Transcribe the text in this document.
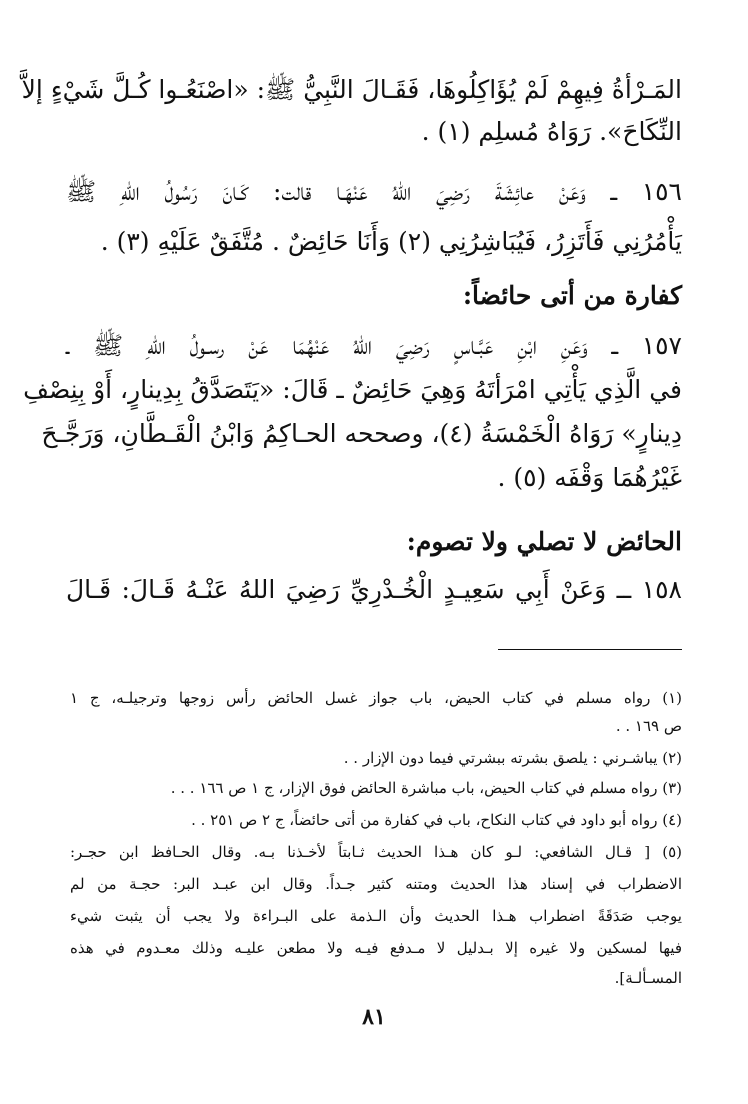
المَـرْأةُ فِيهِمْ لَمْ يُؤَاكِلُوهَا، فَقَـالَ النَّبِيُّ ﷺ: «اصْنَعُـوا كُـلَّ شَيْءٍ إلاَّ
النِّكَاحَ». رَوَاهُ مُسلِم (١) .
١٥٦ ــ وَعَنْ عائِشَةَ رَضِيَ اللهُ عَنْهَـا قالت: كَـانَ رَسُولُ اللهِ ﷺ
يَأْمُرُنِي فَأَتَزِرُ، فَيُبَاشِرُنِي (٢) وَأَنَا حَائِضٌ . مُتَّفَقٌ عَلَيْهِ (٣) .
كفارة من أتى حائضاً:
١٥٧ ــ وَعَنِ ابْنِ عَبَّـاسٍ رَضِيَ اللهُ عَنْهُمَا عَنْ رسـولُ اللهِ ﷺ ـ
في الَّذِي يَأْتِي امْرَأتَهُ وَهِيَ حَائِضٌ ـ قَالَ: «يَتَصَدَّقُ بِدِينارٍ، أَوْ بِنِصْفِ
دِينارٍ» رَوَاهُ الْخَمْسَةُ (٤)، وصححه الحـاكِمُ وَابْنُ الْقَـطَّانِ، وَرَجَّـحَ
غَيْرُهُمَا وَقْفَه (٥) .
الحائض لا تصلي ولا تصوم:
١٥٨ ــ وَعَنْ أَبِي سَعِيـدٍ الْخُـدْرِيِّ رَضِيَ اللهُ عَنْـهُ قَـالَ: قَـالَ
(١) رواه مسلم في كتاب الحيض، باب جواز غسل الحائض رأس زوجها وترجيلـه، ج ١
ص ١٦٩ . .
(٢) يباشـرني : يلصق بشرته ببشرتي فيما دون الإزار . .
(٣) رواه مسلم في كتاب الحيض، باب مباشرة الحائض فوق الإزار، ج ١ ص ١٦٦ . . .
(٤) رواه أبو داود في كتاب النكاح، باب في كفارة من أتى حائضاً، ج ٢ ص ٢٥١ . .
(٥) [ قـال الشافعي: لـو كان هـذا الحديث ثـابتاً لأخـذنا بـه. وقال الحـافظ ابن حجـر:
الاضطراب في إسناد هذا الحديث ومتنه كثير جـداً. وقال ابن عبـد البر: حجـة من لم
يوجب صَدَقَةً اضطراب هـذا الحديث وأن الـذمة على البـراءة ولا يجب أن يثبت شيء
فيها لمسكين ولا غيره إلا بـدليل لا مـدفع فيـه ولا مطعن عليـه وذلك معـدوم في هذه
المسـألـة].
٨١
